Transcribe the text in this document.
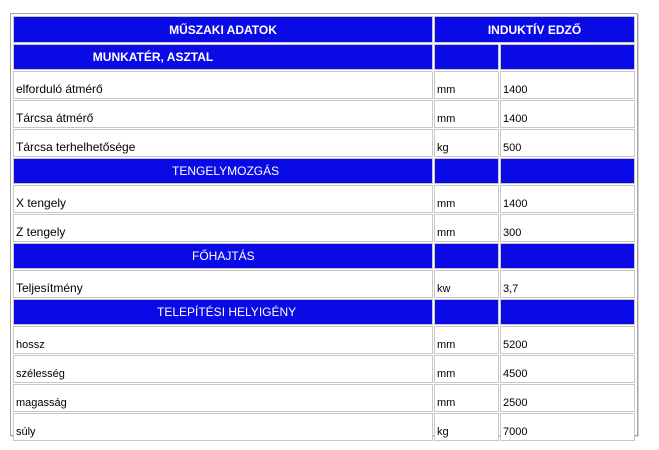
MŰSZAKI ADATOK	INDUKTÍV EDZŐ	
MUNKATÉR, ASZTAL		
elforduló átmérő	mm	1400
Tárcsa átmérő	mm	1400
Tárcsa terhelhetősége	kg	500
TENGELYMOZGÁS		
X tengely	mm	1400
Z tengely	mm	300
FŐHAJTÁS		
Teljesítmény	kw	3,7
TELEPÍTÉSI HELYIGÉNY		
hossz	mm	5200
szélesség	mm	4500
magasság	mm	2500
súly	kg	7000
